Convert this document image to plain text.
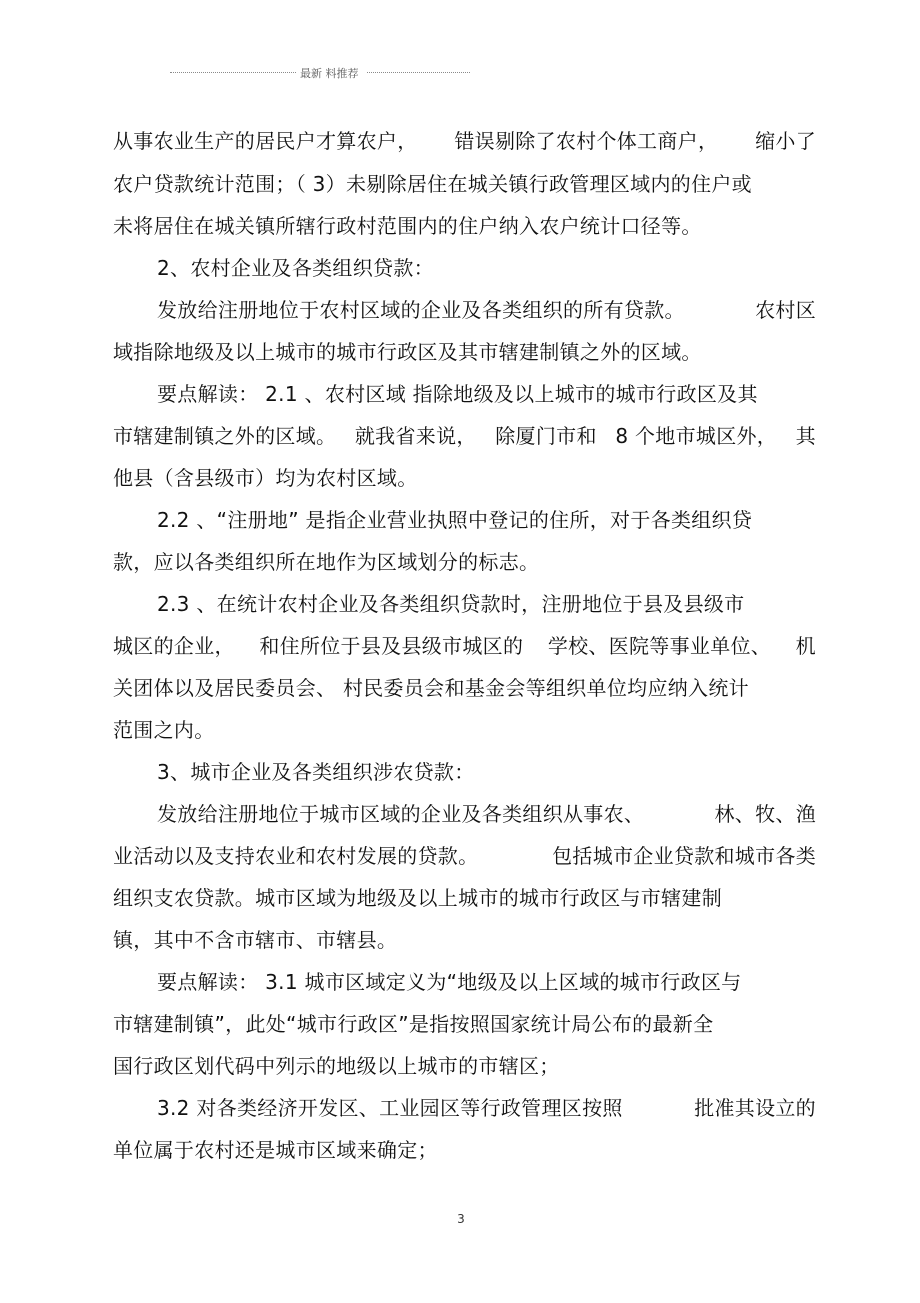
最新 料推荐
从事农业生产的居民户才算农户， 错误剔除了农村个体工商户， 缩小了
农户贷款统计范围；（ 3）未剔除居住在城关镇行政管理区域内的住户或
未将居住在城关镇所辖行政村范围内的住户纳入农户统计口径等。
2、农村企业及各类组织贷款：
发放给注册地位于农村区域的企业及各类组织的所有贷款。	农村区
域指除地级及以上城市的城市行政区及其市辖建制镇之外的区域。
要点解读： 2.1 、农村区域 指除地级及以上城市的城市行政区及其
市辖建制镇之外的区域。 就我省来说， 除厦门市和 8 个地市城区外， 其
他县（含县级市）均为农村区域。
2.2 、“注册地” 是指企业营业执照中登记的住所，对于各类组织贷
款，应以各类组织所在地作为区域划分的标志。
2.3 、在统计农村企业及各类组织贷款时，注册地位于县及县级市
城区的企业， 和住所位于县及县级市城区的 学校、医院等事业单位、 机
关团体以及居民委员会、 村民委员会和基金会等组织单位均应纳入统计
范围之内。
3、城市企业及各类组织涉农贷款：
发放给注册地位于城市区域的企业及各类组织从事农、	林、牧、渔
业活动以及支持农业和农村发展的贷款。	包括城市企业贷款和城市各类
组织支农贷款。城市区域为地级及以上城市的城市行政区与市辖建制
镇，其中不含市辖市、市辖县。
要点解读： 3.1 城市区域定义为“地级及以上区域的城市行政区与
市辖建制镇”，此处“城市行政区”是指按照国家统计局公布的最新全
国行政区划代码中列示的地级以上城市的市辖区；
3.2 对各类经济开发区、工业园区等行政管理区按照	批准其设立的
单位属于农村还是城市区域来确定；
3
